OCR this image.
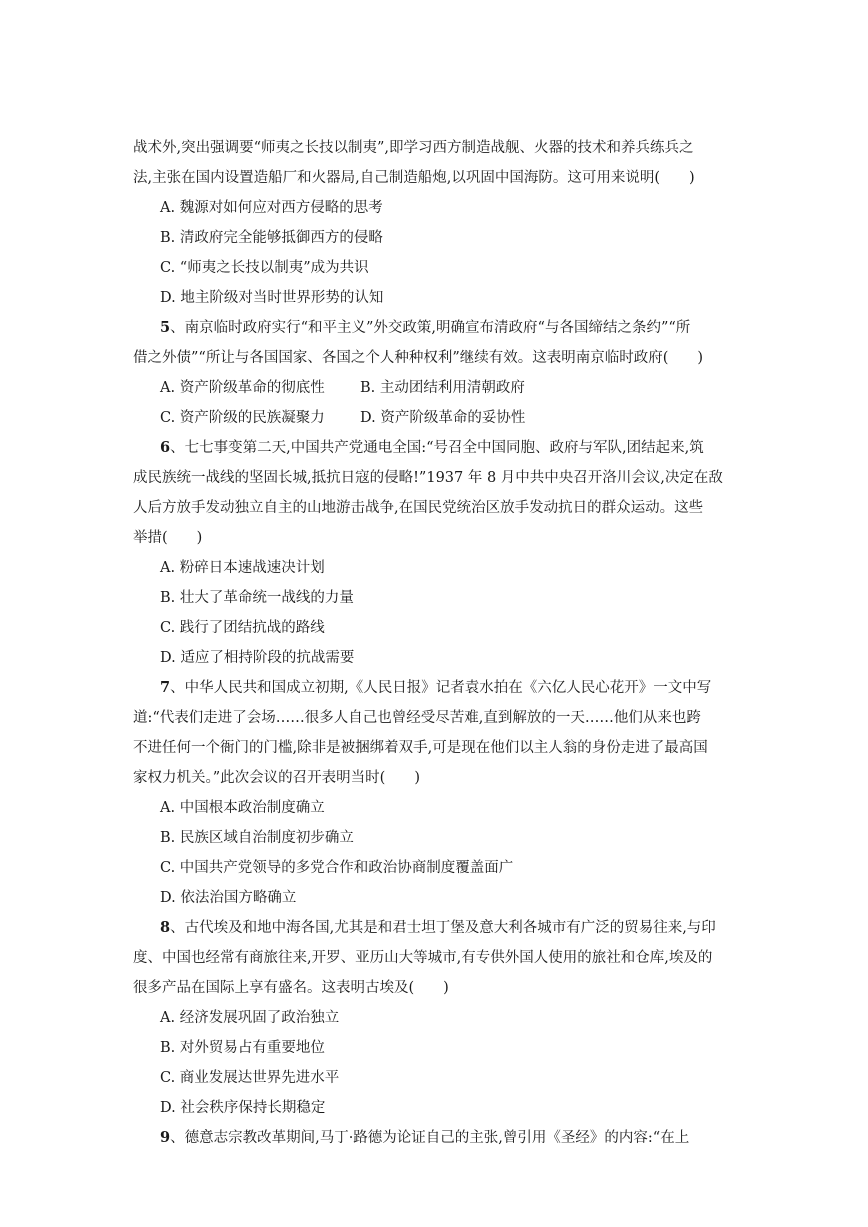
战术外,突出强调要“师夷之长技以制夷”,即学习西方制造战舰、火器的技术和养兵练兵之
法,主张在国内设置造船厂和火器局,自己制造船炮,以巩固中国海防。这可用来说明(　　)
A. 魏源对如何应对西方侵略的思考
B. 清政府完全能够抵御西方的侵略
C. “师夷之长技以制夷”成为共识
D. 地主阶级对当时世界形势的认知
5、南京临时政府实行“和平主义”外交政策,明确宣布清政府“与各国缔结之条约”“所
借之外债”“所让与各国国家、各国之个人种种权利”继续有效。这表明南京临时政府(　　)
A. 资产阶级革命的彻底性 B. 主动团结利用清朝政府
C. 资产阶级的民族凝聚力 D. 资产阶级革命的妥协性
6、七七事变第二天,中国共产党通电全国:“号召全中国同胞、政府与军队,团结起来,筑
成民族统一战线的坚固长城,抵抗日寇的侵略!”1937 年 8 月中共中央召开洛川会议,决定在敌
人后方放手发动独立自主的山地游击战争,在国民党统治区放手发动抗日的群众运动。这些
举措(　　)
A. 粉碎日本速战速决计划
B. 壮大了革命统一战线的力量
C. 践行了团结抗战的路线
D. 适应了相持阶段的抗战需要
7、中华人民共和国成立初期,《人民日报》记者袁水拍在《六亿人民心花开》一文中写
道:“代表们走进了会场……很多人自己也曾经受尽苦难,直到解放的一天……他们从来也跨
不进任何一个衙门的门槛,除非是被捆绑着双手,可是现在他们以主人翁的身份走进了最高国
家权力机关。”此次会议的召开表明当时(　　)
A. 中国根本政治制度确立
B. 民族区域自治制度初步确立
C. 中国共产党领导的多党合作和政治协商制度覆盖面广
D. 依法治国方略确立
8、古代埃及和地中海各国,尤其是和君士坦丁堡及意大利各城市有广泛的贸易往来,与印
度、中国也经常有商旅往来,开罗、亚历山大等城市,有专供外国人使用的旅社和仓库,埃及的
很多产品在国际上享有盛名。这表明古埃及(　　)
A. 经济发展巩固了政治独立
B. 对外贸易占有重要地位
C. 商业发展达世界先进水平
D. 社会秩序保持长期稳定
9、德意志宗教改革期间,马丁·路德为论证自己的主张,曾引用《圣经》的内容:“在上
